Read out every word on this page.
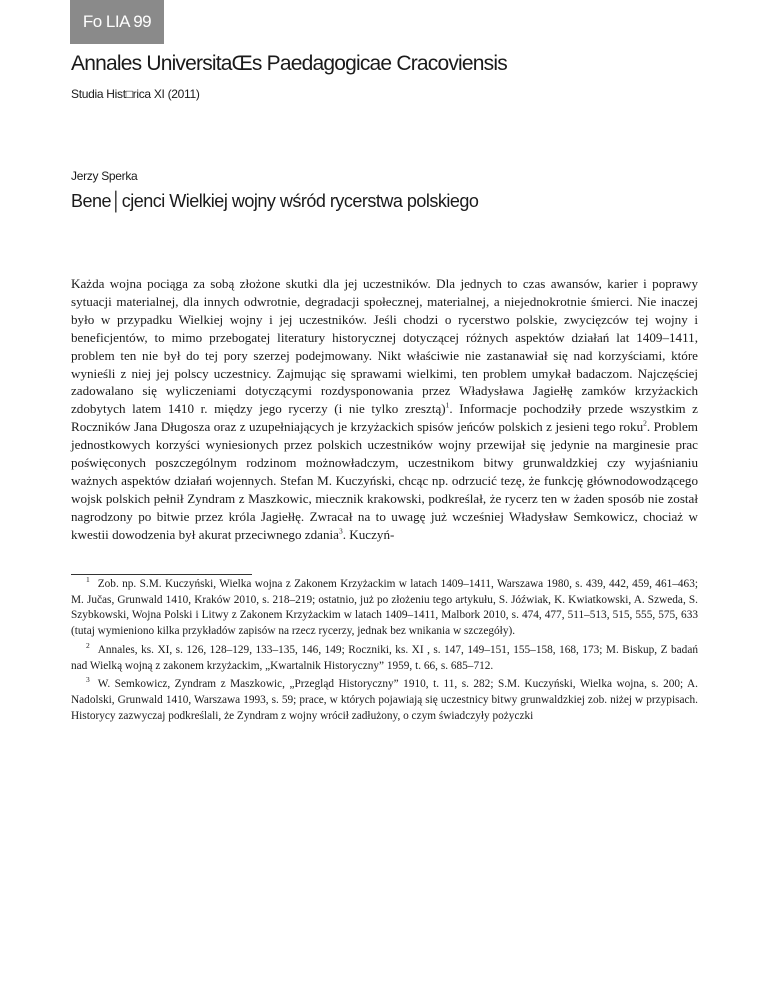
Fo LIA 99
Annales UniversitaŒs Paedagogicae Cracoviensis
Studia Hist□rica XI (2011)
Jerzy Sperka
Bene│cjenci Wielkiej wojny wśród rycerstwa polskiego

Każda wojna pociąga za sobą złożone skutki dla jej uczestników. Dla jednych to czas awansów, karier i poprawy sytuacji materialnej, dla innych odwrotnie, degradacji społecznej, materialnej, a niejednokrotnie śmierci. Nie inaczej było w przypadku Wielkiej wojny i jej uczestników. Jeśli chodzi o rycerstwo polskie, zwycięzców tej wojny i beneficjentów, to mimo przebogatej literatury historycznej dotyczącej różnych aspektów działań lat 1409–1411, problem ten nie był do tej pory szerzej podejmowany. Nikt właściwie nie zastanawiał się nad korzyściami, które wynieśli z niej jej polscy uczestnicy. Zajmując się sprawami wielkimi, ten problem umykał badaczom. Najczęściej zadowalano się wyliczeniami dotyczącymi rozdysponowania przez Władysława Jagiełłę zamków krzyżackich zdobytych latem 1410 r. między jego rycerzy (i nie tylko zresztą)$^1$. Informacje pochodziły przede wszystkim z Roczników Jana Długosza oraz z uzupełniających je krzyżackich spisów jeńców polskich z jesieni tego roku$^2$. Problem jednostkowych korzyści wyniesionych przez polskich uczestników wojny przewijał się jedynie na marginesie prac poświęconych poszczególnym rodzinom możnowładczym, uczestnikom bitwy grunwaldzkiej czy wyjaśnianiu ważnych aspektów działań wojennych. Stefan M. Kuczyński, chcąc np. odrzucić tezę, że funkcję głównodowodzącego wojsk polskich pełnił Zyndram z Maszkowic, miecznik krakowski, podkreślał, że rycerz ten w żaden sposób nie został nagrodzony po bitwie przez króla Jagiełłę. Zwracał na to uwagę już wcześniej Władysław Semkowicz, chociaż w kwestii dowodzenia był akurat przeciwnego zdania$^3$. Kuczyń-

$^1$ Zob. np. S.M. Kuczyński, Wielka wojna z Zakonem Krzyżackim w latach 1409–1411, Warszawa 1980, s. 439, 442, 459, 461–463; M. Jučas, Grunwald 1410, Kraków 2010, s. 218–219; ostatnio, już po złożeniu tego artykułu, S. Jóźwiak, K. Kwiatkowski, A. Szweda, S. Szybkowski, Wojna Polski i Litwy z Zakonem Krzyżackim w latach 1409–1411, Malbork 2010, s. 474, 477, 511–513, 515, 555, 575, 633 (tutaj wymieniono kilka przykładów zapisów na rzecz rycerzy, jednak bez wnikania w szczegóły).

$^2$ Annales, ks. XI, s. 126, 128–129, 133–135, 146, 149; Roczniki, ks. XI , s. 147, 149–151, 155–158, 168, 173; M. Biskup, Z badań nad Wielką wojną z zakonem krzyżackim, „Kwartalnik Historyczny” 1959, t. 66, s. 685–712.

$^3$ W. Semkowicz, Zyndram z Maszkowic, „Przegląd Historyczny” 1910, t. 11, s. 282; S.M. Kuczyński, Wielka wojna, s. 200; A. Nadolski, Grunwald 1410, Warszawa 1993, s. 59; prace, w których pojawiają się uczestnicy bitwy grunwaldzkiej zob. niżej w przypisach. Historycy zazwyczaj podkreślali, że Zyndram z wojny wrócił zadłużony, o czym świadczyły pożyczki
